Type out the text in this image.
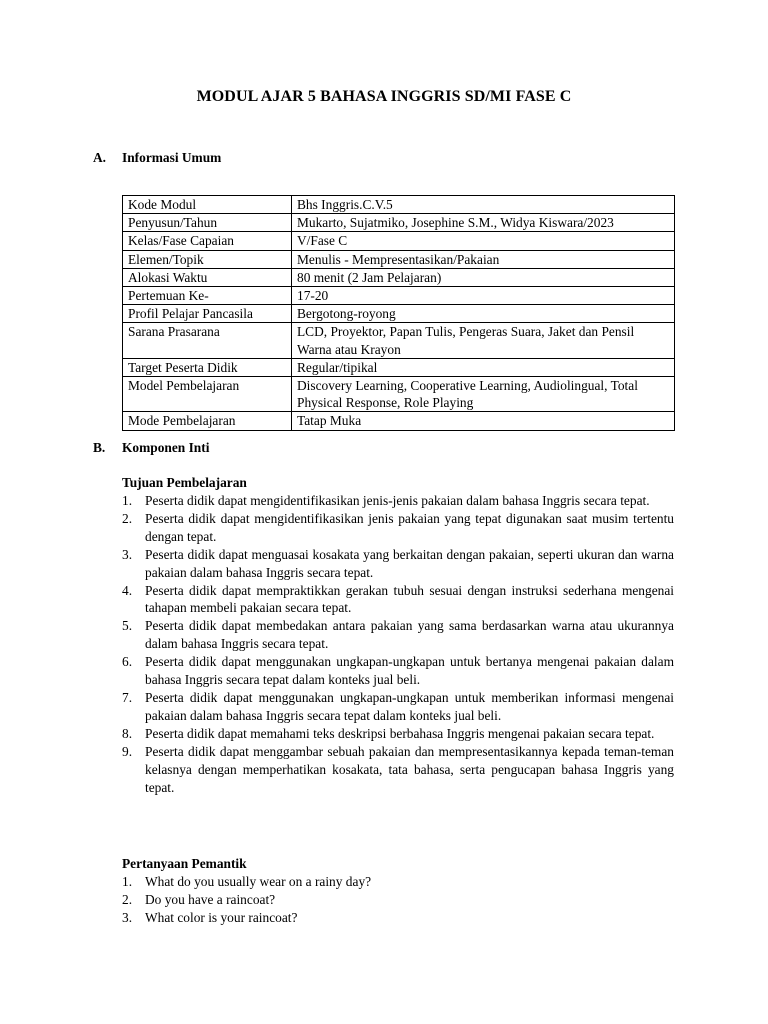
MODUL AJAR 5 BAHASA INGGRIS SD/MI FASE C
A. Informasi Umum
Kode Modul	Bhs Inggris.C.V.5
Penyusun/Tahun	Mukarto, Sujatmiko, Josephine S.M., Widya Kiswara/2023
Kelas/Fase Capaian	V/Fase C
Elemen/Topik	Menulis - Mempresentasikan/Pakaian
Alokasi Waktu	80 menit (2 Jam Pelajaran)
Pertemuan Ke-	17-20
Profil Pelajar Pancasila	Bergotong-royong
Sarana Prasarana	LCD, Proyektor, Papan Tulis, Pengeras Suara, Jaket dan Pensil Warna atau Krayon
Target Peserta Didik	Regular/tipikal
Model Pembelajaran	Discovery Learning, Cooperative Learning, Audiolingual, Total Physical Response, Role Playing
Mode Pembelajaran	Tatap Muka
B. Komponen Inti
Tujuan Pembelajaran
1. Peserta didik dapat mengidentifikasikan jenis-jenis pakaian dalam bahasa Inggris secara tepat.
2. Peserta didik dapat mengidentifikasikan jenis pakaian yang tepat digunakan saat musim tertentu dengan tepat.
3. Peserta didik dapat menguasai kosakata yang berkaitan dengan pakaian, seperti ukuran dan warna pakaian dalam bahasa Inggris secara tepat.
4. Peserta didik dapat mempraktikkan gerakan tubuh sesuai dengan instruksi sederhana mengenai tahapan membeli pakaian secara tepat.
5. Peserta didik dapat membedakan antara pakaian yang sama berdasarkan warna atau ukurannya dalam bahasa Inggris secara tepat.
6. Peserta didik dapat menggunakan ungkapan-ungkapan untuk bertanya mengenai pakaian dalam bahasa Inggris secara tepat dalam konteks jual beli.
7. Peserta didik dapat menggunakan ungkapan-ungkapan untuk memberikan informasi mengenai pakaian dalam bahasa Inggris secara tepat dalam konteks jual beli.
8. Peserta didik dapat memahami teks deskripsi berbahasa Inggris mengenai pakaian secara tepat.
9. Peserta didik dapat menggambar sebuah pakaian dan mempresentasikannya kepada teman-teman kelasnya dengan memperhatikan kosakata, tata bahasa, serta pengucapan bahasa Inggris yang tepat.
Pertanyaan Pemantik
1. What do you usually wear on a rainy day?
2. Do you have a raincoat?
3. What color is your raincoat?
